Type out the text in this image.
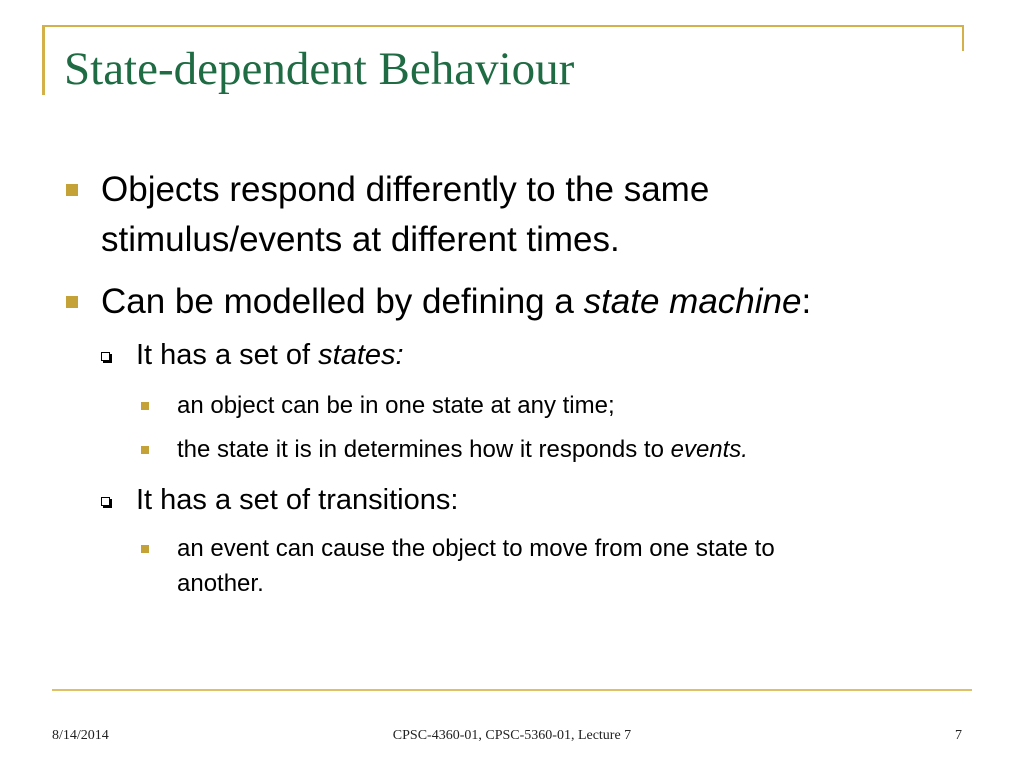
State-dependent Behaviour
Objects respond differently to the same
stimulus/events at different times.
Can be modelled by defining a state machine:
It has a set of states:
an object can be in one state at any time;
the state it is in determines how it responds to events.
It has a set of transitions:
an event can cause the object to move from one state to
another.
8/14/2014	CPSC-4360-01, CPSC-5360-01, Lecture 7	7
